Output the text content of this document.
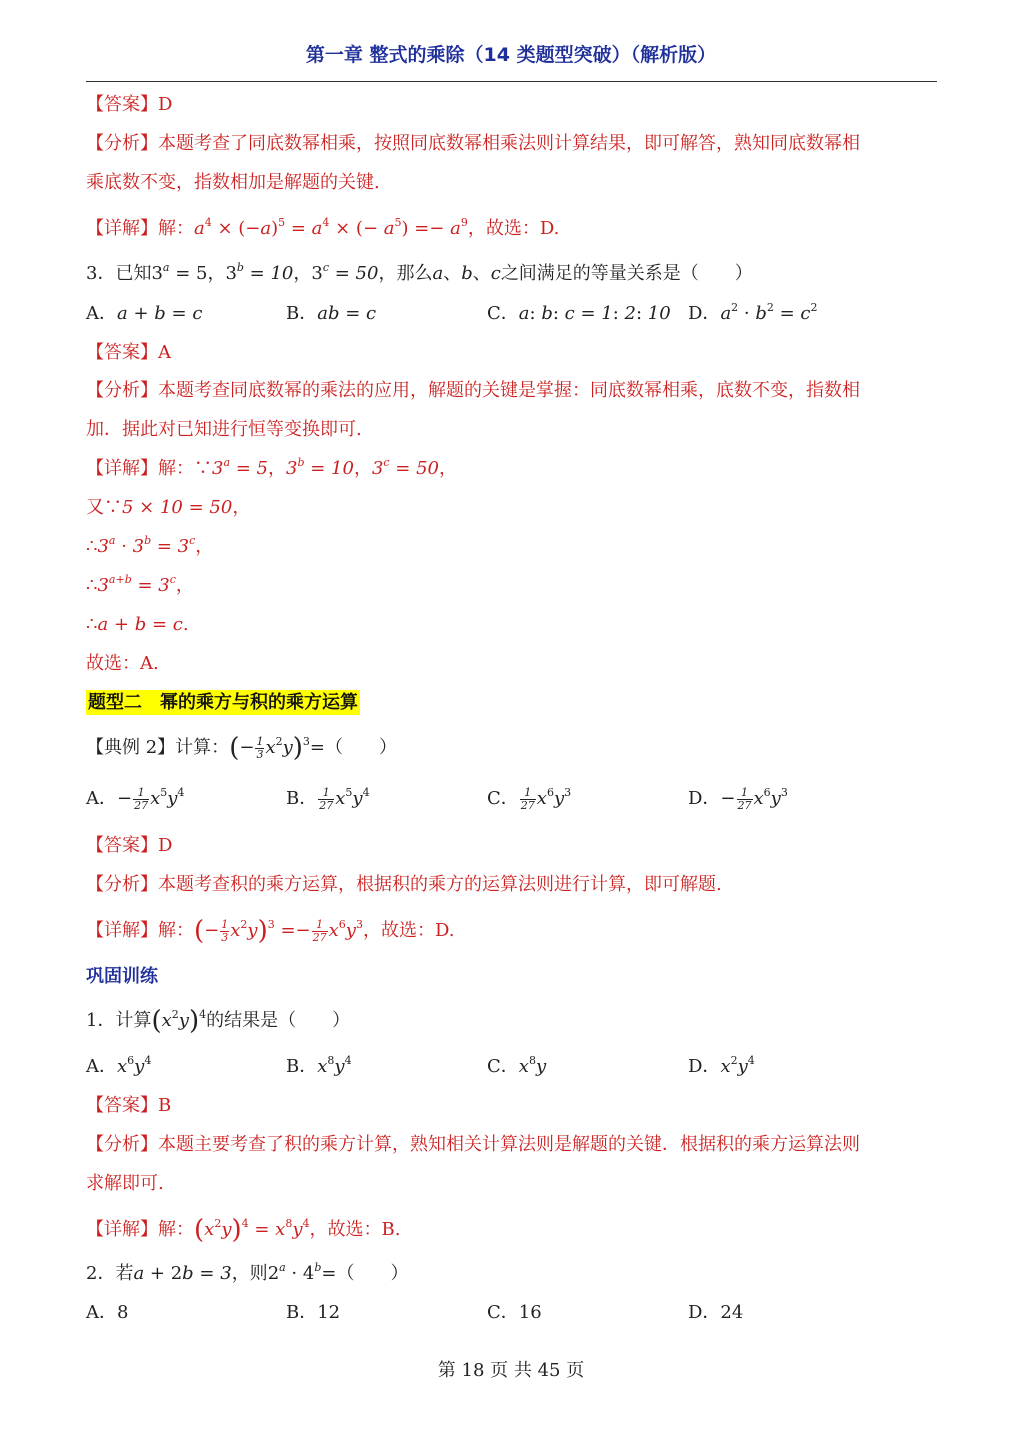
第一章 整式的乘除（14 类题型突破）（解析版）
【答案】D
【分析】本题考查了同底数幂相乘，按照同底数幂相乘法则计算结果，即可解答，熟知同底数幂相
乘底数不变，指数相加是解题的关键.
【详解】解：$a^4 \times (-a)^5 = a^4$ × (− $a^5) =- a^9$，故选：D.
3．已知$3^a = 5$，$3^b = 10$，$3^c = 50$，那么a、b、c之间满足的等量关系是（　　）
A．a + b = c	B．ab = c	C．a: b: c = 1: 2: 10 D．$a^2 \cdot b^2 = c^2$
【答案】A
【分析】本题考查同底数幂的乘法的应用，解题的关键是掌握：同底数幂相乘，底数不变，指数相
加．据此对已知进行恒等变换即可.
【详解】解：$\because 3^a = 5$，$3^b = 10$，$3^c = 50$，
又∵5 × 10 = 50，
$\therefore 3^a \cdot 3^b = 3^c$，
$\therefore 3^{a+b} = 3^c$，
∴a + b = c.
故选：A.
题型二　幂的乘方与积的乘方运算
【典例 2】计算：(− $\frac{1}{3} x^2y)^3=$（　　）
A．− $\frac{1}{27} x^5y^4$	B． $\frac{1}{27} x^5y^4$	C． $\frac{1}{27} x^6y^3$	D．− $\frac{1}{27} x^6y^3$
【答案】D
【分析】本题考查积的乘方运算，根据积的乘方的运算法则进行计算，即可解题.
【详解】解：(− $\frac{1}{3} x^2y)^3 =- \frac{1}{27} x^6y^3$，故选：D.
巩固训练
1．计算$(x^2y)^4$的结果是（　　）
A．$x^6y^4$	B．$x^8y^4$	C．$x^8y$	D．$x^2y^4$
【答案】B
【分析】本题主要考查了积的乘方计算，熟知相关计算法则是解题的关键．根据积的乘方运算法则
求解即可.
【详解】解：$(x^2y)^4 = x^8y^4$，故选：B.
2．若a + 2b = 3，则$2^a \cdot 4^b=$（　　）
A．8	B．12	C．16	D．24
第 18 页 共 45 页
